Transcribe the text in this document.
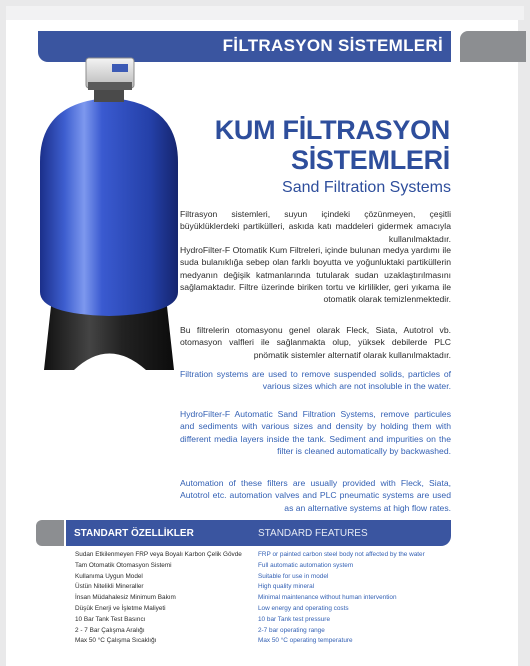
FİLTRASYON SİSTEMLERİ
KUM FİLTRASYON
SİSTEMLERİ
Sand Filtration Systems

Filtrasyon sistemleri, suyun içindeki çözünmeyen, çeşitli büyüklüklerdeki partikülleri, askıda katı maddeleri gidermek amacıyla kullanılmaktadır.

HydroFilter-F Otomatik Kum Filtreleri, içinde bulunan medya yardımı ile suda bulanıklığa sebep olan farklı boyutta ve yoğunluktaki partiküllerin medyanın değişik katmanlarında tutularak sudan uzaklaştırılmasını sağlamaktadır. Filtre üzerinde biriken tortu ve kirlilikler, geri yıkama ile otomatik olarak temizlenmektedir.

Bu filtrelerin otomasyonu genel olarak Fleck, Siata, Autotrol vb. otomasyon valfleri ile sağlanmakta olup, yüksek debilerde PLC pnömatik sistemler alternatif olarak kullanılmaktadır.

Filtration systems are used to remove suspended solids, particles of various sizes which are not insoluble in the water.

HydroFilter-F Automatic Sand Filtration Systems, remove particules and sediments with various sizes and density by holding them with different media layers inside the tank. Sediment and impurities on the filter is cleaned automatically by backwashed.

Automation of these filters are usually provided with Fleck, Siata, Autotrol etc. automation valves and PLC pneumatic systems are used as an alternative systems at high flow rates.

STANDART ÖZELLİKLER	STANDARD FEATURES
Sudan Etkilenmeyen FRP veya Boyalı Karbon Çelik Gövde
Tam Otomatik Otomasyon Sistemi
Kullanıma Uygun Model
Üstün Nitelikli Mineraller
İnsan Müdahalesiz Minimum Bakım
Düşük Enerji ve İşletme Maliyeti
10 Bar Tank Test Basıncı
2 - 7 Bar Çalışma Aralığı
Max 50 °C Çalışma Sıcaklığı
FRP or painted carbon steel body not affected by the water
Full automatic automation system
Suitable for use in model
High quality mineral
Minimal maintenance without human intervention
Low energy and operating costs
10 bar Tank test pressure
2-7 bar operating range
Max 50 °C operating temperature
